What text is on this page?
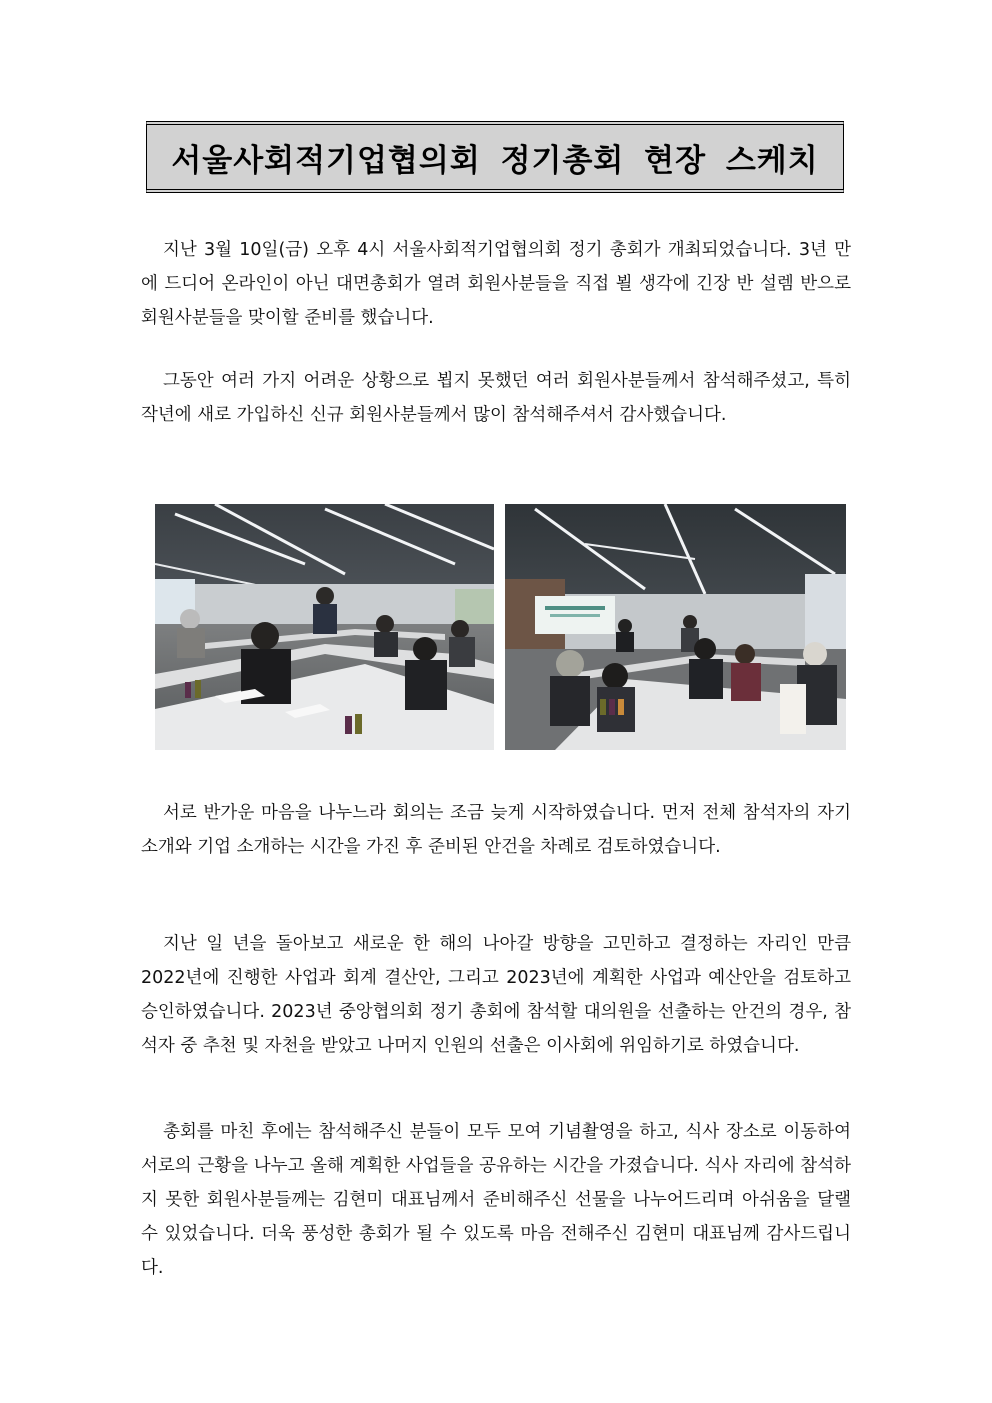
서울사회적기업협의회 정기총회 현장 스케치

지난 3월 10일(금) 오후 4시 서울사회적기업협의회 정기 총회가 개최되었습니다. 3년 만에 드디어 온라인이 아닌 대면총회가 열려 회원사분들을 직접 뵐 생각에 긴장 반 설렘 반으로 회원사분들을 맞이할 준비를 했습니다.

그동안 여러 가지 어려운 상황으로 뵙지 못했던 여러 회원사분들께서 참석해주셨고, 특히 작년에 새로 가입하신 신규 회원사분들께서 많이 참석해주셔서 감사했습니다.

서로 반가운 마음을 나누느라 회의는 조금 늦게 시작하였습니다. 먼저 전체 참석자의 자기소개와 기업 소개하는 시간을 가진 후 준비된 안건을 차례로 검토하였습니다.

지난 일 년을 돌아보고 새로운 한 해의 나아갈 방향을 고민하고 결정하는 자리인 만큼 2022년에 진행한 사업과 회계 결산안, 그리고 2023년에 계획한 사업과 예산안을 검토하고 승인하였습니다. 2023년 중앙협의회 정기 총회에 참석할 대의원을 선출하는 안건의 경우, 참석자 중 추천 및 자천을 받았고 나머지 인원의 선출은 이사회에 위임하기로 하였습니다.

총회를 마친 후에는 참석해주신 분들이 모두 모여 기념촬영을 하고, 식사 장소로 이동하여 서로의 근황을 나누고 올해 계획한 사업들을 공유하는 시간을 가졌습니다. 식사 자리에 참석하지 못한 회원사분들께는 김현미 대표님께서 준비해주신 선물을 나누어드리며 아쉬움을 달랠 수 있었습니다. 더욱 풍성한 총회가 될 수 있도록 마음 전해주신 김현미 대표님께 감사드립니다.
